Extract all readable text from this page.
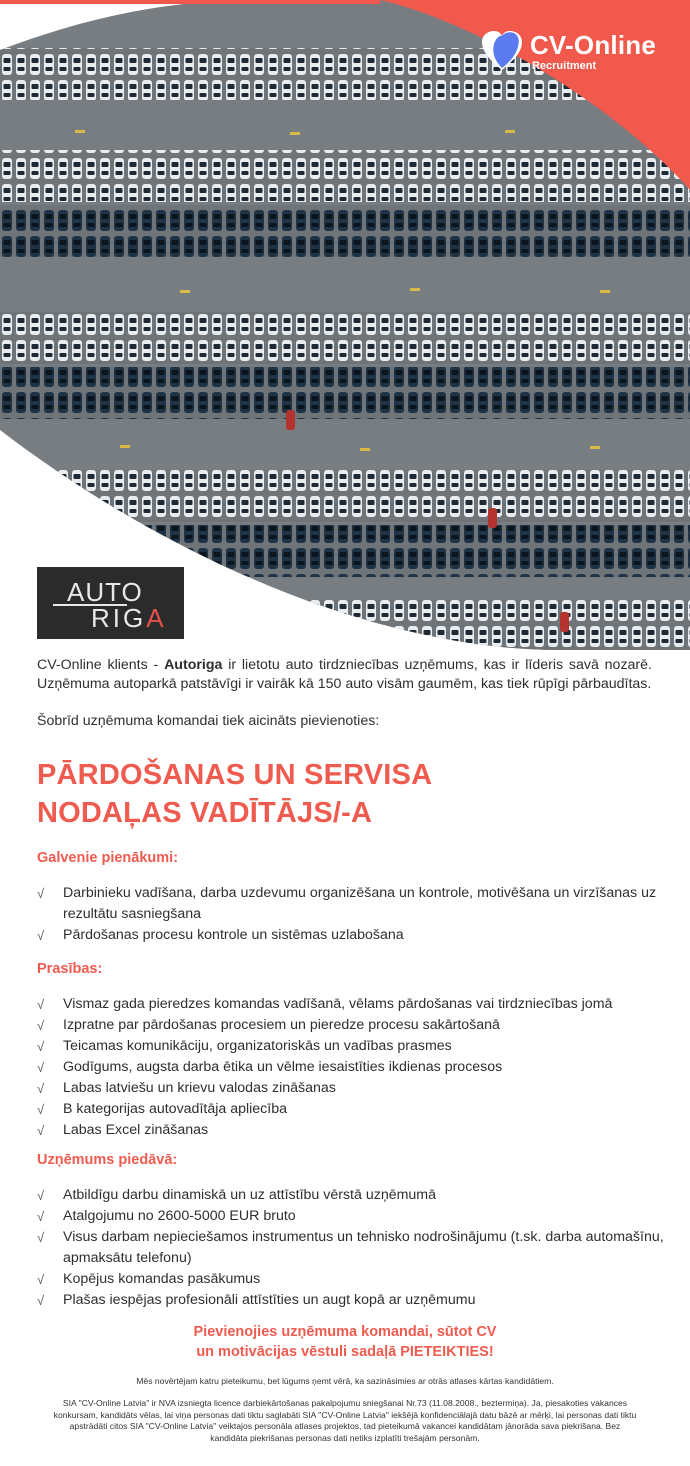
CV-Online
Recruitment
AUTO
RIGA

CV-Online klients - Autoriga ir lietotu auto tirdzniecības uzņēmums, kas ir līderis savā nozarē. Uzņēmuma autoparkā patstāvīgi ir vairāk kā 150 auto visām gaumēm, kas tiek rūpīgi pārbaudītas.

Šobrīd uzņēmuma komandai tiek aicināts pievienoties:

PĀRDOŠANAS UN SERVISA
NODAĻAS VADĪTĀJS/-A
Galvenie pienākumi:
√ Darbinieku vadīšana, darba uzdevumu organizēšana un kontrole, motivēšana un virzīšanas uz rezultātu sasniegšana
√ Pārdošanas procesu kontrole un sistēmas uzlabošana
Prasības:
√ Vismaz gada pieredzes komandas vadīšanā, vēlams pārdošanas vai tirdzniecības jomā
√ Izpratne par pārdošanas procesiem un pieredze procesu sakārtošanā
√ Teicamas komunikāciju, organizatoriskās un vadības prasmes
√ Godīgums, augsta darba ētika un vēlme iesaistīties ikdienas procesos
√ Labas latviešu un krievu valodas zināšanas
√ B kategorijas autovadītāja apliecība
√ Labas Excel zināšanas
Uzņēmums piedāvā:
√ Atbildīgu darbu dinamiskā un uz attīstību vērstā uzņēmumā
√ Atalgojumu no 2600-5000 EUR bruto
√ Visus darbam nepieciešamos instrumentus un tehnisko nodrošinājumu (t.sk. darba automašīnu, apmaksātu telefonu)
√ Kopējus komandas pasākumus
√ Plašas iespējas profesionāli attīstīties un augt kopā ar uzņēmumu
Pievienojies uzņēmuma komandai, sūtot CV
un motivācijas vēstuli sadaļā PIETEIKTIES!
Mēs novērtējam katru pieteikumu, bet lūgums ņemt vērā, ka sazināsimies ar otrās atlases kārtas kandidātiem.
SIA "CV-Online Latvia" ir NVA izsniegta licence darbiekārtošanas pakalpojumu sniegšanai Nr.73 (11.08.2008., beztermiņa). Ja, piesakoties vakances konkursam, kandidāts vēlas, lai viņa personas dati tiktu saglabāti SIA "CV-Online Latvia" iekšējā konfidenciālajā datu bāzē ar mērķi, lai personas dati tiktu apstrādāti citos SIA "CV-Online Latvia" veiktajos personāla atlases projektos, tad pieteikumā vakancei kandidātam jānorāda sava piekrišana. Bez kandidāta piekrišanas personas dati netiks izplatīti trešajām personām.
